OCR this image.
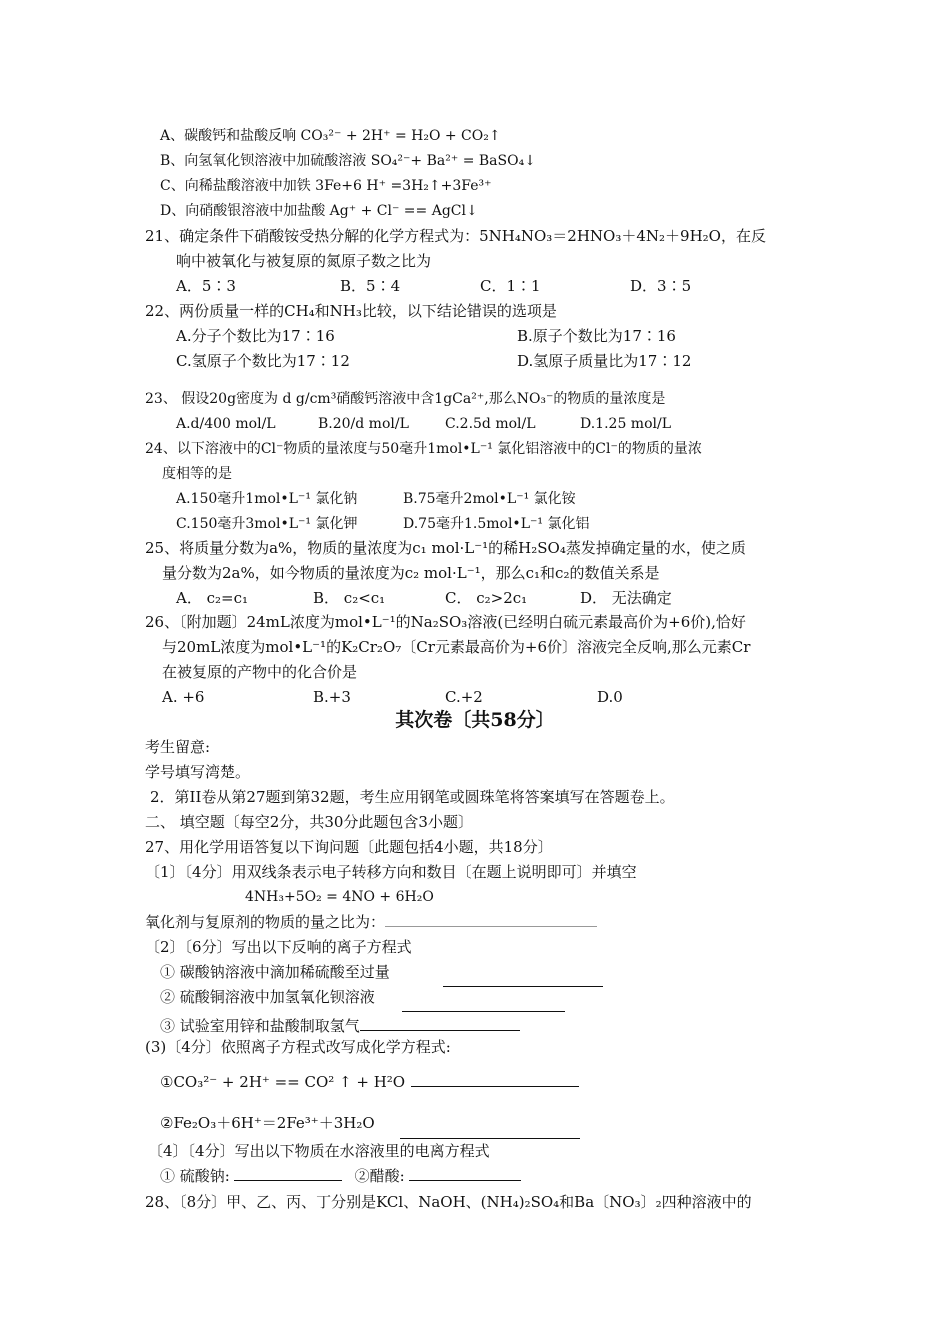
A、碳酸钙和盐酸反响 CO₃²⁻ + 2H⁺ = H₂O + CO₂↑
B、向氢氧化钡溶液中加硫酸溶液 SO₄²⁻+ Ba²⁺ = BaSO₄↓
C、向稀盐酸溶液中加铁 3Fe+6 H⁺ =3H₂↑+3Fe³⁺
D、向硝酸银溶液中加盐酸 Ag⁺ + Cl⁻ == AgCl↓
21、确定条件下硝酸铵受热分解的化学方程式为：5NH₄NO₃＝2HNO₃＋4N₂＋9H₂O，在反
响中被氧化与被复原的氮原子数之比为
A．5∶3	B．5∶4	C．1∶1	D．3∶5
22、两份质量一样的CH₄和NH₃比较，以下结论错误的选项是
A.分子个数比为17∶16	B.原子个数比为17∶16
C.氢原子个数比为17∶12	D.氢原子质量比为17∶12
23、 假设20g密度为 d g/cm³硝酸钙溶液中含1gCa²⁺,那么NO₃⁻的物质的量浓度是
A.d/400 mol/L	B.20/d mol/L	C.2.5d mol/L	D.1.25 mol/L
24、以下溶液中的Cl⁻物质的量浓度与50毫升1mol•L⁻¹ 氯化铝溶液中的Cl⁻的物质的量浓
度相等的是
A.150毫升1mol•L⁻¹ 氯化钠	B.75毫升2mol•L⁻¹ 氯化铵
C.150毫升3mol•L⁻¹ 氯化钾	D.75毫升1.5mol•L⁻¹ 氯化铝
25、将质量分数为a%，物质的量浓度为c₁ mol·L⁻¹的稀H₂SO₄蒸发掉确定量的水，使之质
量分数为2a%，如今物质的量浓度为c₂ mol·L⁻¹，那么c₁和c₂的数值关系是
A． c₂=c₁	B． c₂<c₁	C． c₂>2c₁	D． 无法确定
26、〔附加题〕24mL浓度为mol•L⁻¹的Na₂SO₃溶液(已经明白硫元素最高价为+6价),恰好
与20mL浓度为mol•L⁻¹的K₂Cr₂O₇〔Cr元素最高价为+6价〕溶液完全反响,那么元素Cr
在被复原的产物中的化合价是
A. +6	B.+3	C.+2	D.0
其次卷〔共58分〕
考生留意:
学号填写湾楚。
2．第II卷从第27题到第32题，考生应用钢笔或圆珠笔将答案填写在答题卷上。
二、 填空题〔每空2分，共30分此题包含3小题〕
27、用化学用语答复以下询问题〔此题包括4小题，共18分〕
〔1〕〔4分〕用双线条表示电子转移方向和数目〔在题上说明即可〕并填空
4NH₃+5O₂ = 4NO + 6H₂O
氧化剂与复原剂的物质的量之比为：
〔2〕〔6分〕写出以下反响的离子方程式
① 碳酸钠溶液中滴加稀硫酸至过量
② 硫酸铜溶液中加氢氧化钡溶液
③ 试验室用锌和盐酸制取氢气
(3)〔4分〕依照离子方程式改写成化学方程式:
①CO₃²⁻ + 2H⁺ == CO² ↑ + H²O
②Fe₂O₃＋6H⁺＝2Fe³⁺＋3H₂O
〔4〕〔4分〕写出以下物质在水溶液里的电离方程式
① 硫酸钠:	②醋酸:
28、〔8分〕甲、乙、丙、丁分别是KCl、NaOH、(NH₄)₂SO₄和Ba〔NO₃〕₂四种溶液中的
